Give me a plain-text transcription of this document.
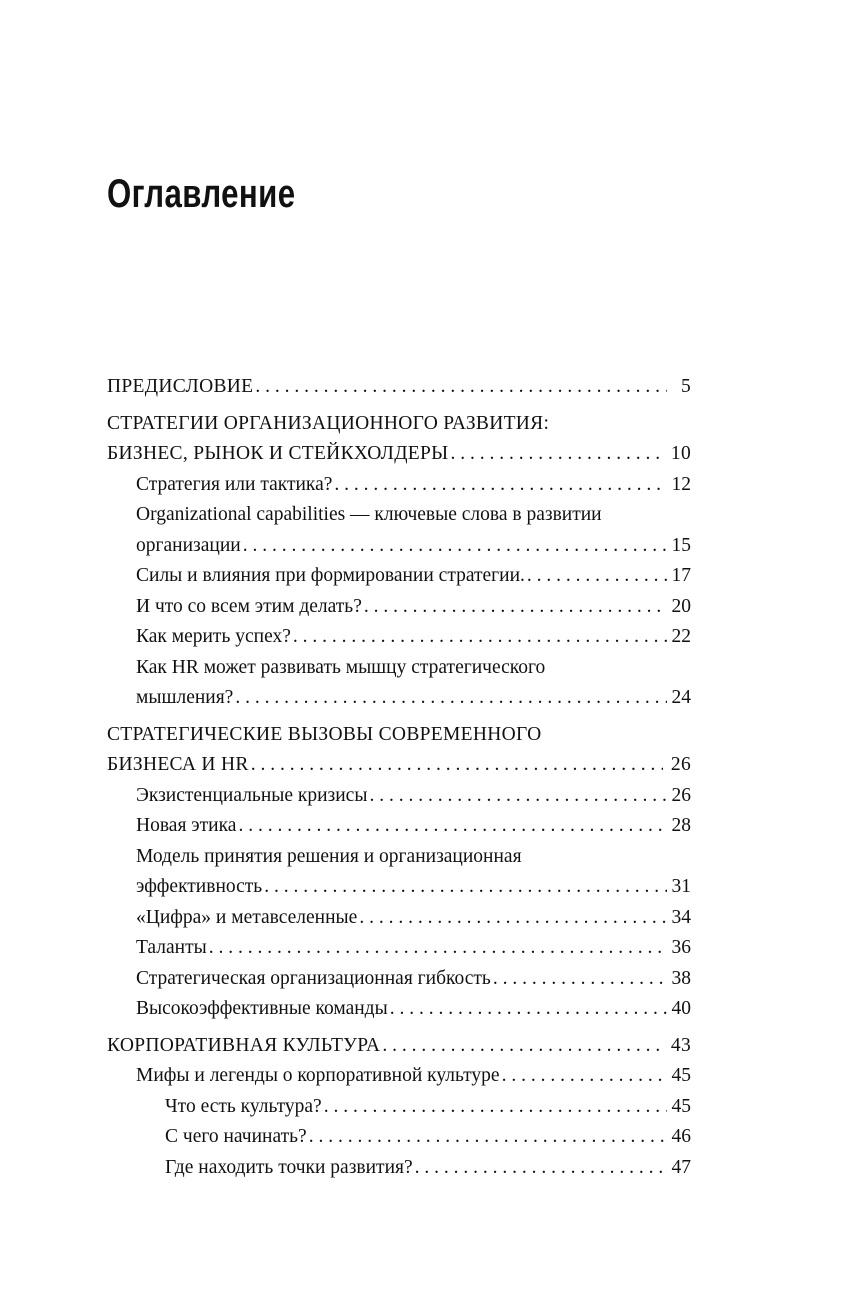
Оглавление
ПРЕДИСЛОВИЕ . . .	5
СТРАТЕГИИ ОРГАНИЗАЦИОННОГО РАЗВИТИЯ:
БИЗНЕС, РЫНОК И СТЕЙКХОЛДЕРЫ . . .	10
Стратегия или тактика? . . .	12
Organizational capabilities — ключевые слова в развитии
организации . . .	15
Силы и влияния при формировании стратегии. . . .	17
И что со всем этим делать? . . .	20
Как мерить успех? . . .	22
Как HR может развивать мышцу стратегического
мышления? . . .	24
СТРАТЕГИЧЕСКИЕ ВЫЗОВЫ СОВРЕМЕННОГО
БИЗНЕСА И HR . . .	26
Экзистенциальные кризисы . . .	26
Новая этика . . .	28
Модель принятия решения и организационная
эффективность . . .	31
«Цифра» и метавселенные . . .	34
Таланты . . .	36
Стратегическая организационная гибкость . . .	38
Высокоэффективные команды . . .	40
КОРПОРАТИВНАЯ КУЛЬТУРА . . .	43
Мифы и легенды о корпоративной культуре . . .	45
Что есть культура? . . .	45
С чего начинать? . . .	46
Где находить точки развития? . . .	47
